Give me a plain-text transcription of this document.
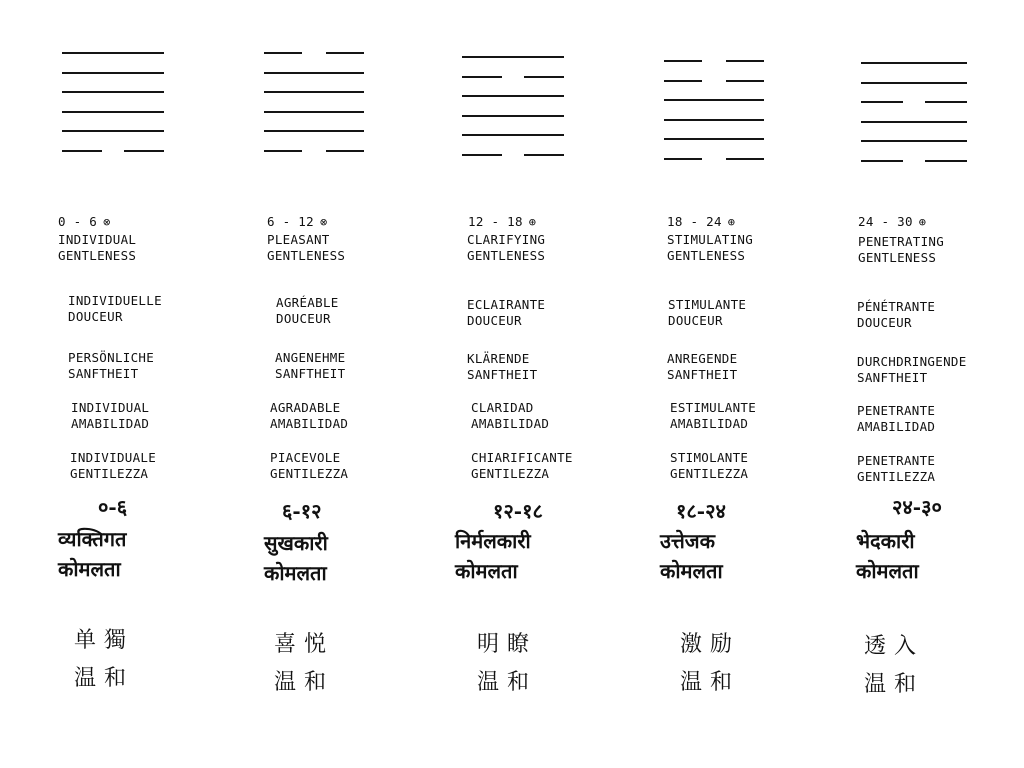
0 - 6 ⊗
INDIVIDUAL
GENTLENESS
INDIVIDUELLE
DOUCEUR
PERSÖNLICHE
SANFTHEIT
INDIVIDUAL
AMABILIDAD
INDIVIDUALE
GENTILEZZA
०-६
व्यक्तिगत
कोमलता
单獨
温和
6 - 12 ⊗
PLEASANT
GENTLENESS
AGRÉABLE
DOUCEUR
ANGENEHME
SANFTHEIT
AGRADABLE
AMABILIDAD
PIACEVOLE
GENTILEZZA
६-१२
सुखकारी
कोमलता
喜悦
温和
12 - 18 ⊕
CLARIFYING
GENTLENESS
ECLAIRANTE
DOUCEUR
KLÄRENDE
SANFTHEIT
CLARIDAD
AMABILIDAD
CHIARIFICANTE
GENTILEZZA
१२-१८
निर्मलकारी
कोमलता
明瞭
温和
18 - 24 ⊕
STIMULATING
GENTLENESS
STIMULANTE
DOUCEUR
ANREGENDE
SANFTHEIT
ESTIMULANTE
AMABILIDAD
STIMOLANTE
GENTILEZZA
१८-२४
उत्तेजक
कोमलता
激励
温和
24 - 30 ⊕
PENETRATING
GENTLENESS
PÉNÉTRANTE
DOUCEUR
DURCHDRINGENDE
SANFTHEIT
PENETRANTE
AMABILIDAD
PENETRANTE
GENTILEZZA
२४-३०
भेदकारी
कोमलता
透入
温和
